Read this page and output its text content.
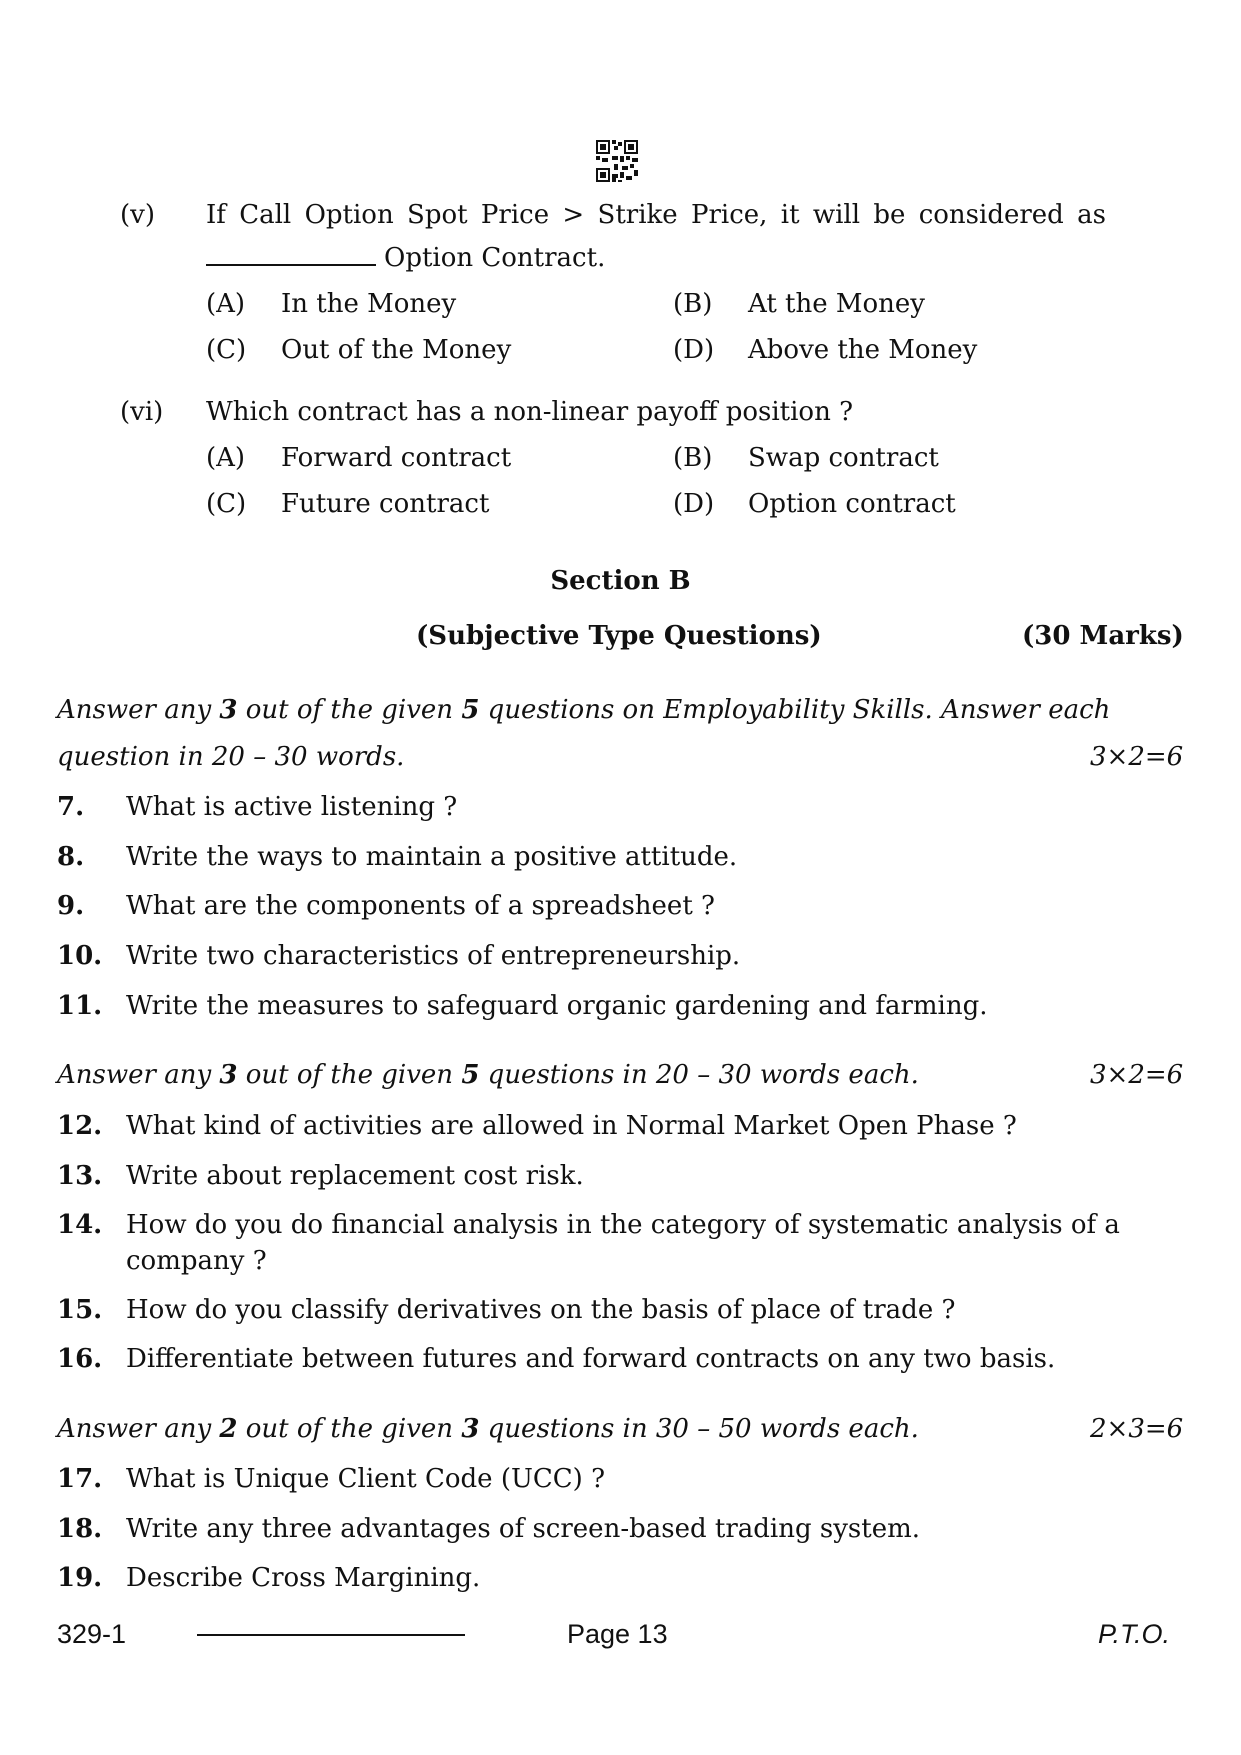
(v) If Call Option Spot Price > Strike Price, it will be considered as
Option Contract.
(A) In the Money	(B) At the Money
(C) Out of the Money	(D) Above the Money
(vi) Which contract has a non-linear payoff position ?
(A) Forward contract	(B) Swap contract
(C) Future contract	(D) Option contract
Section B
(Subjective Type Questions)	(30 Marks)
Answer any 3 out of the given 5 questions on Employability Skills. Answer each
question in 20 – 30 words.	3×2=6
7. What is active listening ?
8. Write the ways to maintain a positive attitude.
9. What are the components of a spreadsheet ?
10. Write two characteristics of entrepreneurship.
11. Write the measures to safeguard organic gardening and farming.
Answer any 3 out of the given 5 questions in 20 – 30 words each.	3×2=6
12. What kind of activities are allowed in Normal Market Open Phase ?
13. Write about replacement cost risk.
14. How do you do financial analysis in the category of systematic analysis of a
company ?
15. How do you classify derivatives on the basis of place of trade ?
16. Differentiate between futures and forward contracts on any two basis.
Answer any 2 out of the given 3 questions in 30 – 50 words each.	2×3=6
17. What is Unique Client Code (UCC) ?
18. Write any three advantages of screen-based trading system.
19. Describe Cross Margining.
329-1	Page 13	P.T.O.
